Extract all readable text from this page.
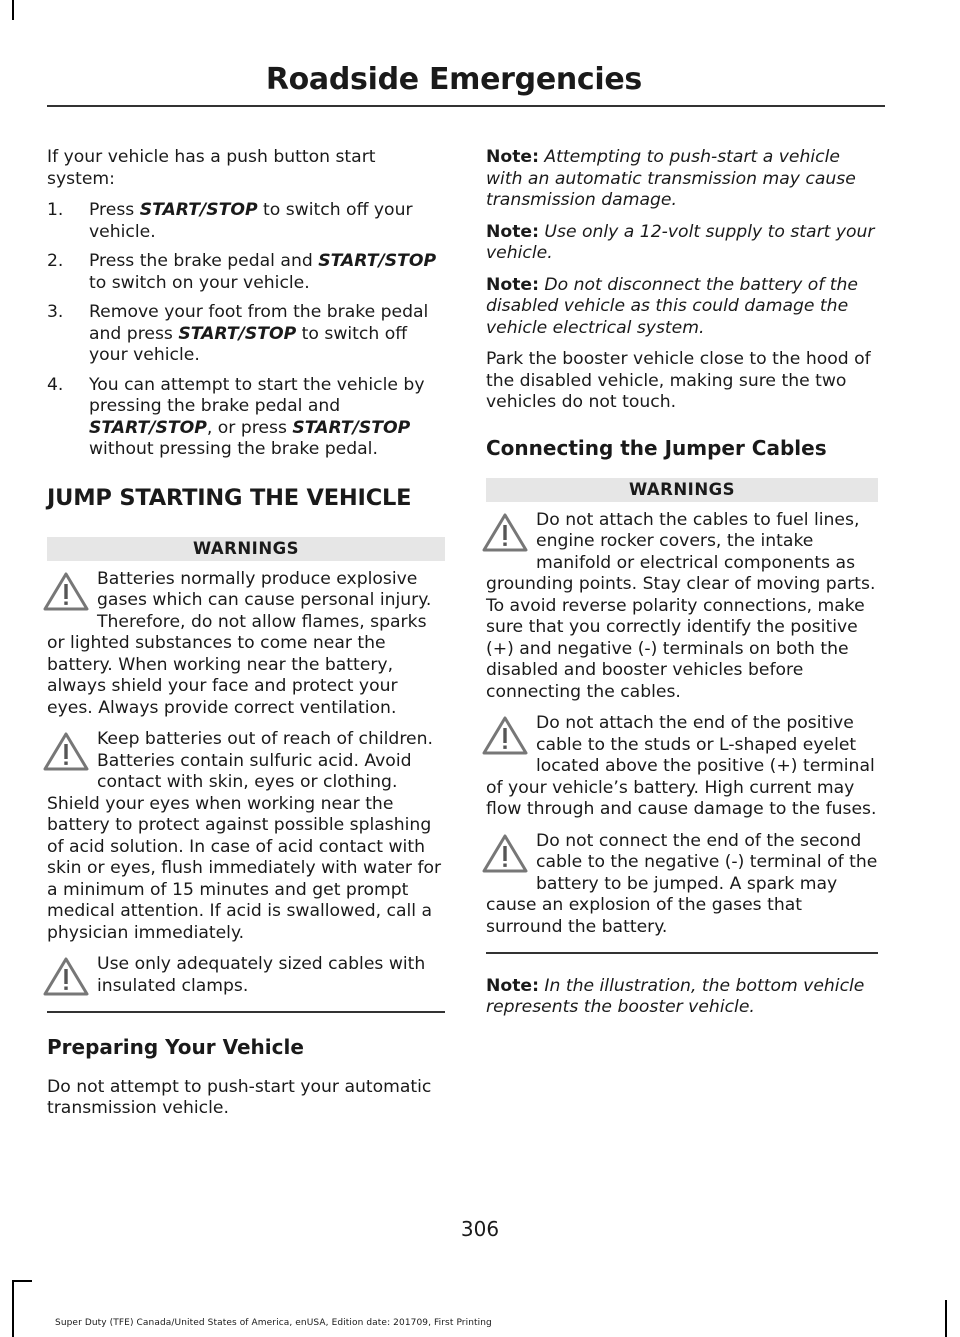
Roadside Emergencies

If your vehicle has a push button start system:

1. Press START/STOP to switch off your vehicle.
2. Press the brake pedal and START/STOP to switch on your vehicle.
3. Remove your foot from the brake pedal and press START/STOP to switch off your vehicle.
4. You can attempt to start the vehicle by pressing the brake pedal and START/STOP, or press START/STOP without pressing the brake pedal.
JUMP STARTING THE VEHICLE
WARNINGS
Batteries normally produce explosive gases which can cause personal injury. Therefore, do not allow flames, sparks or lighted substances to come near the battery. When working near the battery, always shield your face and protect your eyes. Always provide correct ventilation.
Keep batteries out of reach of children. Batteries contain sulfuric acid. Avoid contact with skin, eyes or clothing. Shield your eyes when working near the battery to protect against possible splashing of acid solution. In case of acid contact with skin or eyes, flush immediately with water for a minimum of 15 minutes and get prompt medical attention. If acid is swallowed, call a physician immediately.
Use only adequately sized cables with insulated clamps.
Preparing Your Vehicle

Do not attempt to push-start your automatic transmission vehicle.

Note: Attempting to push-start a vehicle with an automatic transmission may cause transmission damage.

Note: Use only a 12-volt supply to start your vehicle.

Note: Do not disconnect the battery of the disabled vehicle as this could damage the vehicle electrical system.

Park the booster vehicle close to the hood of the disabled vehicle, making sure the two vehicles do not touch.

Connecting the Jumper Cables
WARNINGS
Do not attach the cables to fuel lines, engine rocker covers, the intake manifold or electrical components as grounding points. Stay clear of moving parts. To avoid reverse polarity connections, make sure that you correctly identify the positive (+) and negative (-) terminals on both the disabled and booster vehicles before connecting the cables.
Do not attach the end of the positive cable to the studs or L-shaped eyelet located above the positive (+) terminal of your vehicle’s battery. High current may flow through and cause damage to the fuses.
Do not connect the end of the second cable to the negative (-) terminal of the battery to be jumped. A spark may cause an explosion of the gases that surround the battery.

Note: In the illustration, the bottom vehicle represents the booster vehicle.

306
Super Duty (TFE) Canada/United States of America, enUSA, Edition date: 201709, First Printing
